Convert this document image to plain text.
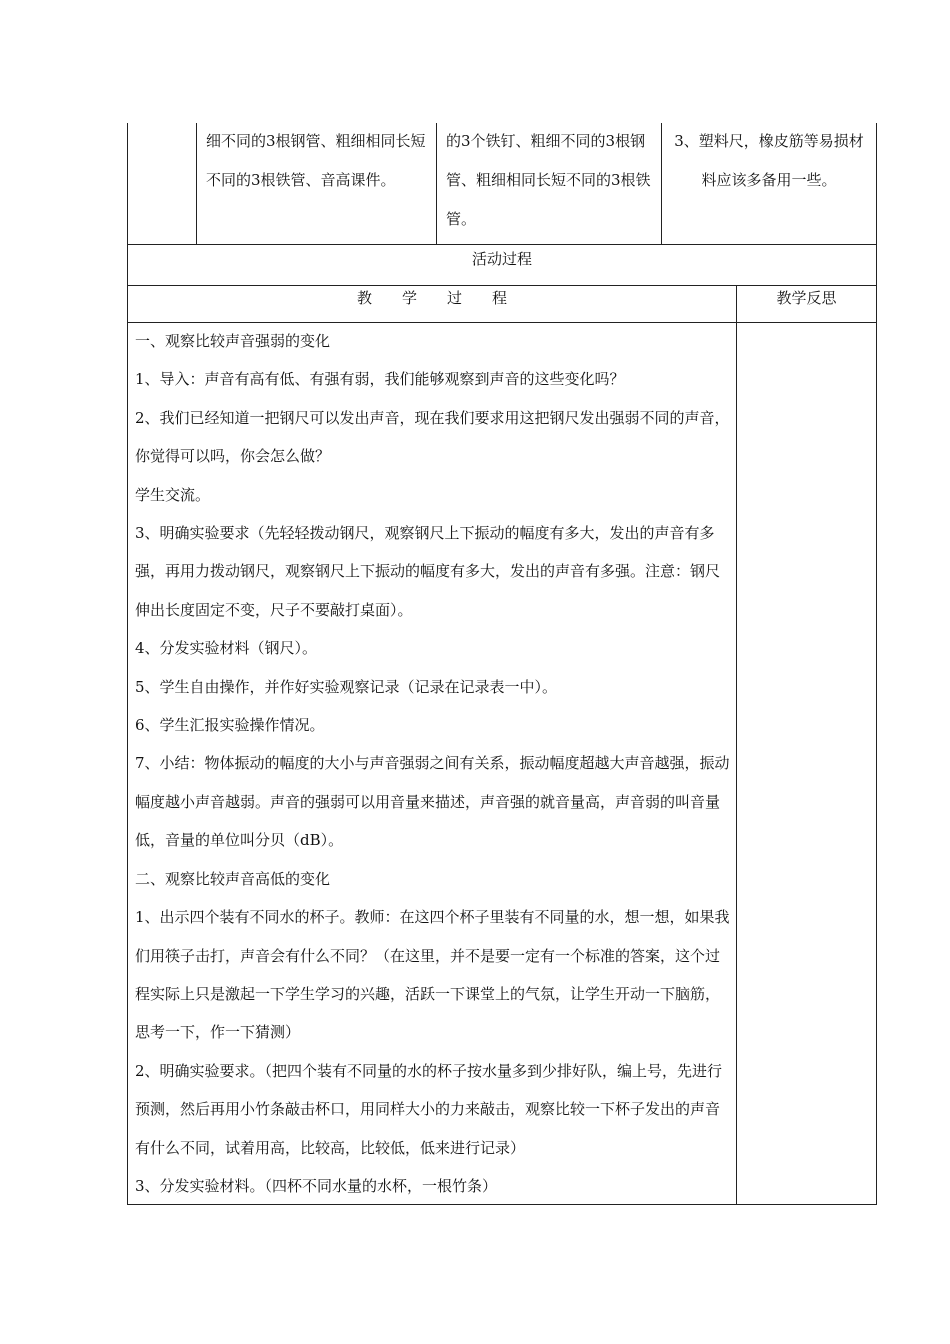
细不同的3根钢管、粗细相同长短不同的3根铁管、音高课件。
的3个铁钉、粗细不同的3根钢管、粗细相同长短不同的3根铁管。
3、塑料尺，橡皮筋等易损材料应该多备用一些。
活动过程
教　　学　　过　　程	教学反思

一、观察比较声音强弱的变化

1、导入：声音有高有低、有强有弱，我们能够观察到声音的这些变化吗？

2、我们已经知道一把钢尺可以发出声音，现在我们要求用这把钢尺发出强弱不同的声音，你觉得可以吗，你会怎么做？

学生交流。

3、明确实验要求（先轻轻拨动钢尺，观察钢尺上下振动的幅度有多大，发出的声音有多强，再用力拨动钢尺，观察钢尺上下振动的幅度有多大，发出的声音有多强。注意：钢尺伸出长度固定不变，尺子不要敲打桌面）。

4、分发实验材料（钢尺）。

5、学生自由操作，并作好实验观察记录（记录在记录表一中）。

6、学生汇报实验操作情况。

7、小结：物体振动的幅度的大小与声音强弱之间有关系，振动幅度超越大声音越强，振动幅度越小声音越弱。声音的强弱可以用音量来描述，声音强的就音量高，声音弱的叫音量低，音量的单位叫分贝（dB）。

二、观察比较声音高低的变化

1、出示四个装有不同水的杯子。教师：在这四个杯子里装有不同量的水，想一想，如果我们用筷子击打，声音会有什么不同？（在这里，并不是要一定有一个标准的答案，这个过程实际上只是激起一下学生学习的兴趣，活跃一下课堂上的气氛，让学生开动一下脑筋，思考一下，作一下猜测）

2、明确实验要求。（把四个装有不同量的水的杯子按水量多到少排好队，编上号，先进行预测，然后再用小竹条敲击杯口，用同样大小的力来敲击，观察比较一下杯子发出的声音有什么不同，试着用高，比较高，比较低，低来进行记录）

3、分发实验材料。（四杯不同水量的水杯，一根竹条）
